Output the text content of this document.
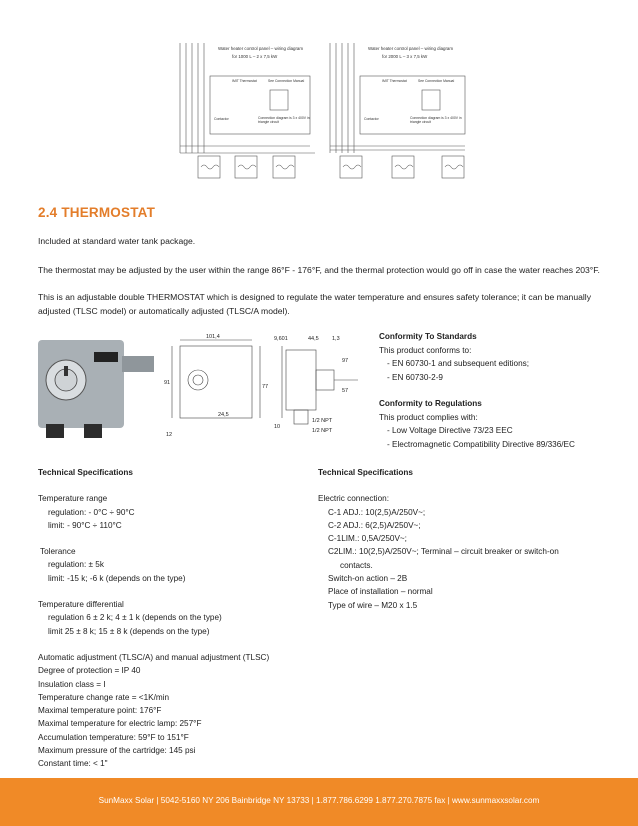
Water heater control panel – wiring diagram
for 1000 L – 2 x 7,5 kW
IMIT Thermostat	See Connection Manual
Contactor
Water heater control panel – wiring diagram
for 2000 L – 3 x 7,5 kW
IMIT Thermostat	See Connection Manual
Contactor
Connection diagram is 3 x 400V in triangle circuit
Connection diagram is 3 x 400V in triangle circuit
2.4 THERMOSTAT
Included at standard water tank package.
The thermostat may be adjusted by the user within the range 86°F - 176°F, and the thermal protection would go off in case the water reaches 203°F.
This is an adjustable double THERMOSTAT which is designed to regulate the water temperature and ensures safety tolerance; it can be manually
adjusted (TLSC model) or automatically adjusted (TLSC/A model).
101,4	9,601	44,5 1,3
91
24,5
97
57
77
12
10
1/2 NPT
1/2 NPT
Conformity To Standards
This product conforms to:
- EN 60730-1 and subsequent editions;
- EN 60730-2-9
Conformity to Regulations
This product complies with:
- Low Voltage Directive 73/23 EEC
- Electromagnetic Compatibility Directive 89/336/EC
Technical Specifications
Temperature range
regulation: - 0°C ÷ 90°C
limit: - 90°C ÷ 110°C
Tolerance
regulation: ± 5k
limit: -15 k; -6 k (depends on the type)
Temperature differential
regulation 6 ± 2 k; 4 ± 1 k (depends on the type)
limit 25 ± 8 k; 15 ± 8 k (depends on the type)
Automatic adjustment (TLSC/A) and manual adjustment (TLSC)
Degree of protection = IP 40
Insulation class = I
Temperature change rate = <1K/min
Maximal temperature point: 176°F
Maximal temperature for electric lamp: 257°F
Accumulation temperature: 59°F to 151°F
Maximum pressure of the cartridge: 145 psi
Constant time: < 1"
Technical Specifications
Electric connection:
C-1 ADJ.: 10(2,5)A/250V~;
C-2 ADJ.: 6(2,5)A/250V~;
C-1LIM.: 0,5A/250V~;
C2LIM.: 10(2,5)A/250V~; Terminal – circuit breaker or switch-on
contacts.
Switch-on action – 2B
Place of installation – normal
Type of wire – M20 x 1.5
SunMaxx Solar | 5042-5160 NY 206 Bainbridge NY 13733 | 1.877.786.6299 1.877.270.7875 fax | www.sunmaxxsolar.com
